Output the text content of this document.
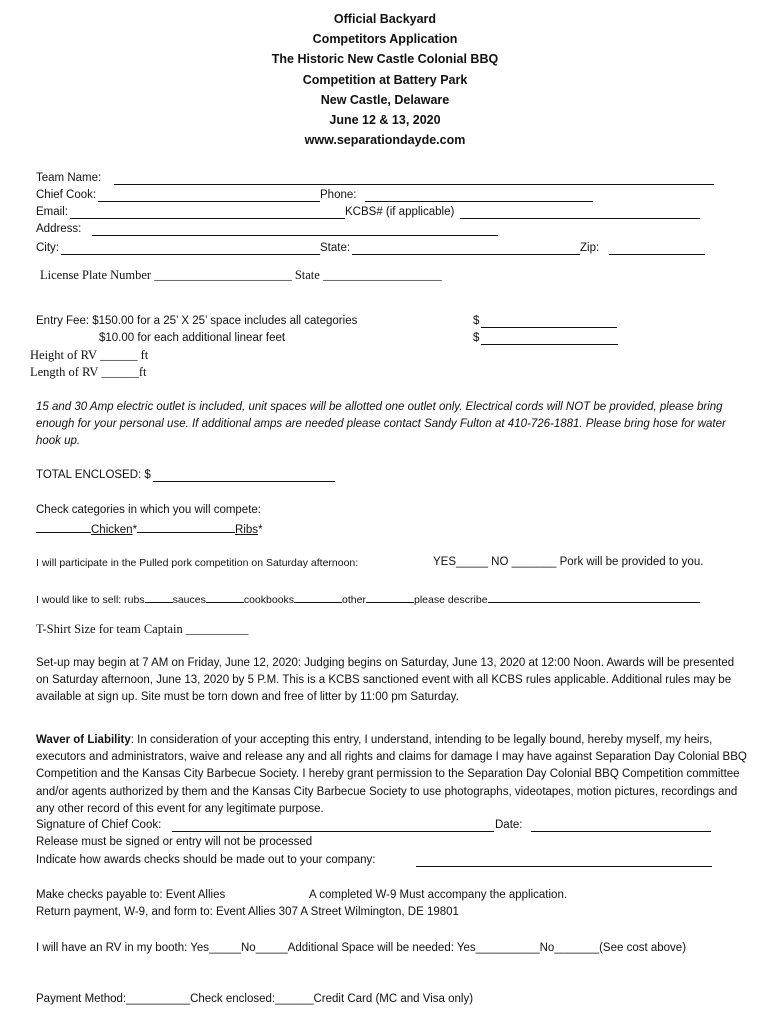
Official Backyard
Competitors Application
The Historic New Castle Colonial BBQ
Competition at Battery Park
New Castle, Delaware
June 12 & 13, 2020
www.separationdayde.com
Team Name:
Chief Cook:	Phone:
Email:	KCBS# (if applicable)
Address:
City:	State:	Zip:
License Plate Number ______________________ State ___________________
Entry Fee: $150.00 for a 25’ X 25’ space includes all categories	$
$10.00 for each additional linear feet	$
Height of RV ______ ft
Length of RV ______ft
15 and 30 Amp electric outlet is included, unit spaces will be allotted one outlet only. Electrical cords will NOT be provided, please bring enough for your personal use. If additional amps are needed please contact Sandy Fulton at 410-726-1881. Please bring hose for water hook up.
TOTAL ENCLOSED: $
Check categories in which you will compete:
Chicken*	Ribs*
I will participate in the Pulled pork competition on Saturday afternoon:	YES_____ NO _______ Pork will be provided to you.
I would like to sell: rubs	sauces	cookbooks	other	please describe
T-Shirt Size for team Captain __________
Set-up may begin at 7 AM on Friday, June 12, 2020: Judging begins on Saturday, June 13, 2020 at 12:00 Noon. Awards will be presented on Saturday afternoon, June 13, 2020 by 5 P.M. This is a KCBS sanctioned event with all KCBS rules applicable. Additional rules may be available at sign up. Site must be torn down and free of litter by 11:00 pm Saturday.
Waver of Liability: In consideration of your accepting this entry, I understand, intending to be legally bound, hereby myself, my heirs, executors and administrators, waive and release any and all rights and claims for damage I may have against Separation Day Colonial BBQ Competition and the Kansas City Barbecue Society. I hereby grant permission to the Separation Day Colonial BBQ Competition committee and/or agents authorized by them and the Kansas City Barbecue Society to use photographs, videotapes, motion pictures, recordings and any other record of this event for any legitimate purpose.
Signature of Chief Cook:	Date:
Release must be signed or entry will not be processed
Indicate how awards checks should be made out to your company:
Make checks payable to: Event Allies	A completed W-9 Must accompany the application.
Return payment, W-9, and form to: Event Allies 307 A Street Wilmington, DE 19801
I will have an RV in my booth: Yes_____No_____Additional Space will be needed: Yes__________No_______(See cost above)
Payment Method:__________Check enclosed:______Credit Card (MC and Visa only)
